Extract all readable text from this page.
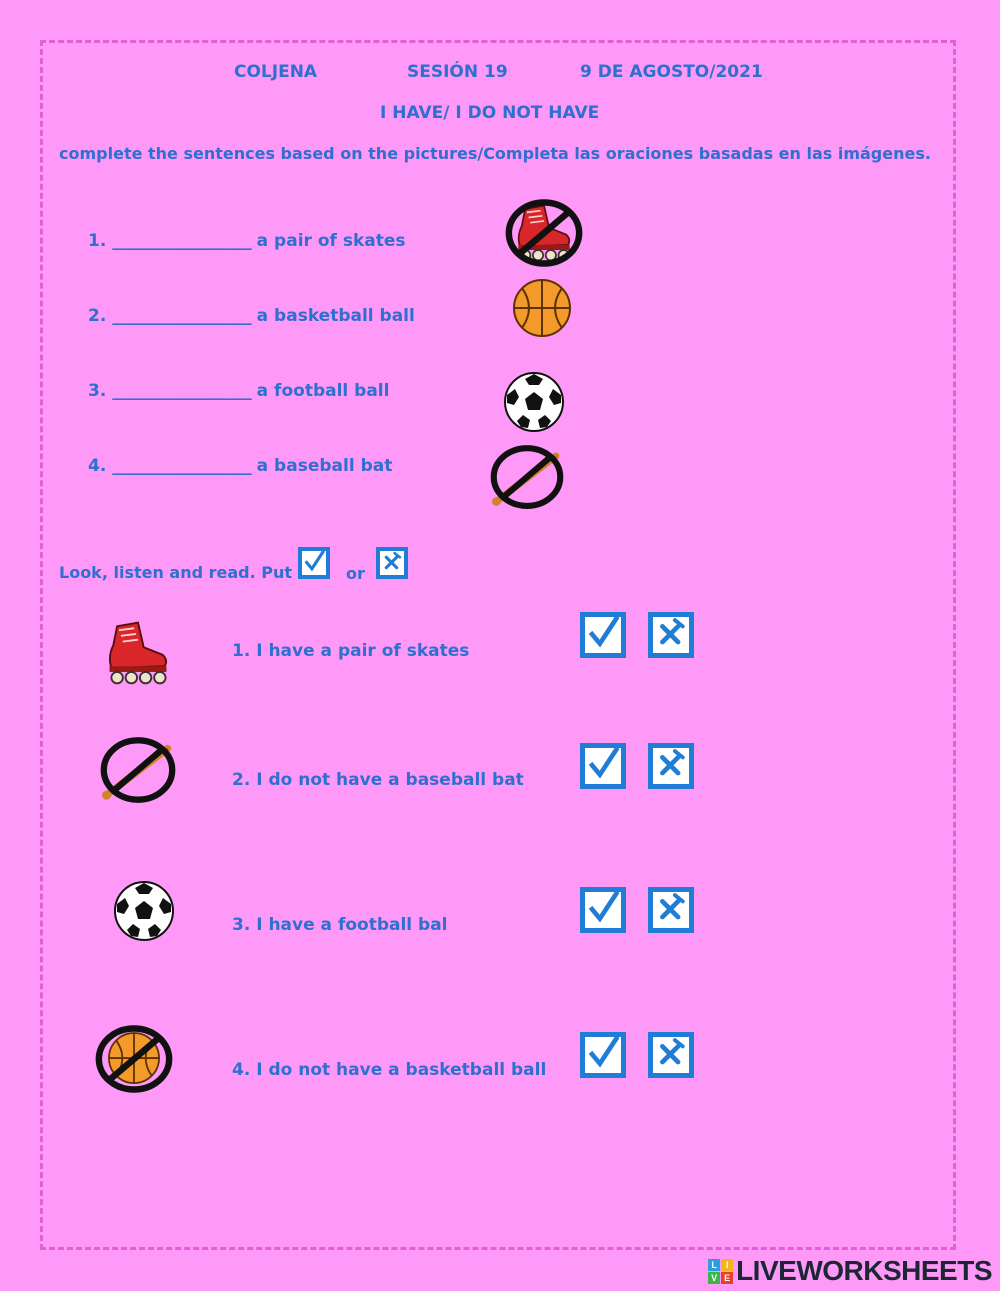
COLJENA	SESIÓN 19	9 DE AGOSTO/2021
I HAVE/ I DO NOT HAVE
complete the sentences based on the pictures/Completa las oraciones basadas en las imágenes.
1. _______________ a pair of skates
2. _______________ a basketball ball
3. _______________ a football ball
4. _______________ a baseball bat
Look, listen and read. Put	or
1. I have a pair of skates
2. I do not have a baseball bat
3. I have a football bal
4. I do not have a basketball ball
L I
V E LIVEWORKSHEETS
